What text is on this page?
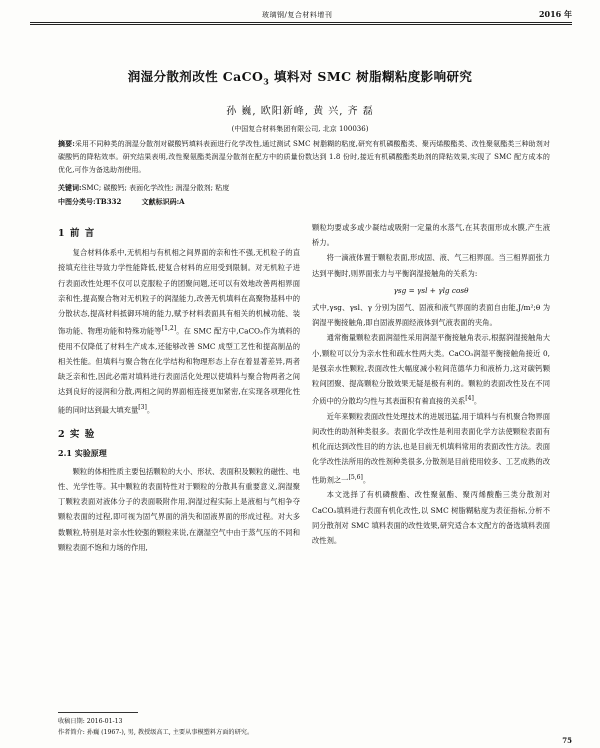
玻璃钢/复合材料增刊	2016 年
润湿分散剂改性 CaCO$_3$ 填料对 SMC 树脂糊粘度影响研究
孙 巍, 欧阳新峰, 黄 兴, 齐 磊
(中国复合材料集团有限公司, 北京 100036)
摘要:采用不同种类的润湿分散剂对碳酸钙填料表面进行化学改性,通过测试 SMC 树脂糊的粘度,研究有机磷酸酯类、聚丙烯酸酯类、改性聚氨酯类三种助剂对碳酸钙的降粘效率。研究结果表明,改性聚氨酯类润湿分散剂在配方中的质量份数达到 1.8 份时,接近有机磷酸酯类助剂的降粘效果,实现了 SMC 配方成本的优化,可作为备选助剂使用。
关键词:SMC; 碳酸钙; 表面化学改性; 润湿分散剂; 粘度
中图分类号:TB332	文献标识码:A
1 前 言

复合材料体系中,无机相与有机相之间界面的亲和性不强,无机粒子的直接填充往往导致力学性能降低,使复合材料的应用受到限制。对无机粒子进行表面改性处理不仅可以克服粒子的团聚问题,还可以有效地改善两相界面亲和性,提高聚合物对无机粒子的润湿能力,改善无机填料在高聚物基料中的分散状态,提高材料抵御环境的能力,赋予材料表面具有相关的机械功能、装饰功能、物理功能和特殊功能等[1,2]。在 SMC 配方中,CaCO₃作为填料的使用不仅降低了材料生产成本,还能够改善 SMC 成型工艺性和提高制品的相关性能。但填料与聚合物在化学结构和物理形态上存在着显著差异,两者缺乏亲和性,因此必需对填料进行表面活化处理以使填料与聚合物两者之间达到良好的浸润和分散,两相之间的界面相连接更加紧密,在实现各项理化性能的同时达到最大填充量[3]。

2 实 验
2.1 实验原理

颗粒的体相性质主要包括颗粒的大小、形状、表面积及颗粒的磁性、电性、光学性等。其中颗粒的表面特性对于颗粒的分散具有重要意义,润湿聚丁颗粒表面对液体分子的表面吸附作用,润湿过程实际上是液相与气相争夺颗粒表面的过程,即可视为固气界面的消失和固液界面的形成过程。对大多数颗粒,特别是对亲水性较强的颗粒来说,在潮湿空气中由于蒸气压的不同和颗粒表面不饱和力场的作用,

颗粒均要或多或少凝结或吸附一定量的水蒸气,在其表面形成水膜,产生液桥力。

将一滴液体置于颗粒表面,形成固、液、气三相界面。当三相界面张力达到平衡时,则界面张力与平衡润湿接触角的关系为:

γsg = γsl + γlg cosθ

式中,γsg、γsl、γ 分别为固气、固液和液气界面的表面自由能,J/m²;θ 为润湿平衡接触角,即自固液界面经液体到气液表面的夹角。

通常衡量颗粒表面润湿性采用润湿平衡接触角表示,根据润湿接触角大小,颗粒可以分为亲水性和疏水性两大类。CaCO₃润湿平衡接触角接近 0,是强亲水性颗粒,表面改性大幅度减小粒间范德华力和液桥力,这对碳钙颗粒间团聚、提高颗粒分散效果无疑是极有利的。颗粒的表面改性及在不同介质中的分散均匀性与其表面积有着直接的关系[4]。

近年来颗粒表面改性处理技术的进展迅猛,用于填料与有机聚合物界面间改性的助剂种类很多。表面化学改性是利用表面化学方法使颗粒表面有机化而达到改性目的的方法,也是目前无机填料常用的表面改性方法。表面化学改性法所用的改性剂种类很多,分散剂是目前使用较多、工艺成熟的改性助剂之一[5,6]。

本文选择了有机磷酸酯、改性聚氨酯、聚丙烯酸酯三类分散剂对 CaCO₃填料进行表面有机化改性,以 SMC 树脂糊粘度为表征指标,分析不同分散剂对 SMC 填料表面的改性效果,研究适合本文配方的备选填料表面改性剂。

收稿日期: 2016-01-13
作者简介: 孙巍 (1967-), 男, 教授级高工, 主要从事模塑料方面的研究。
75
